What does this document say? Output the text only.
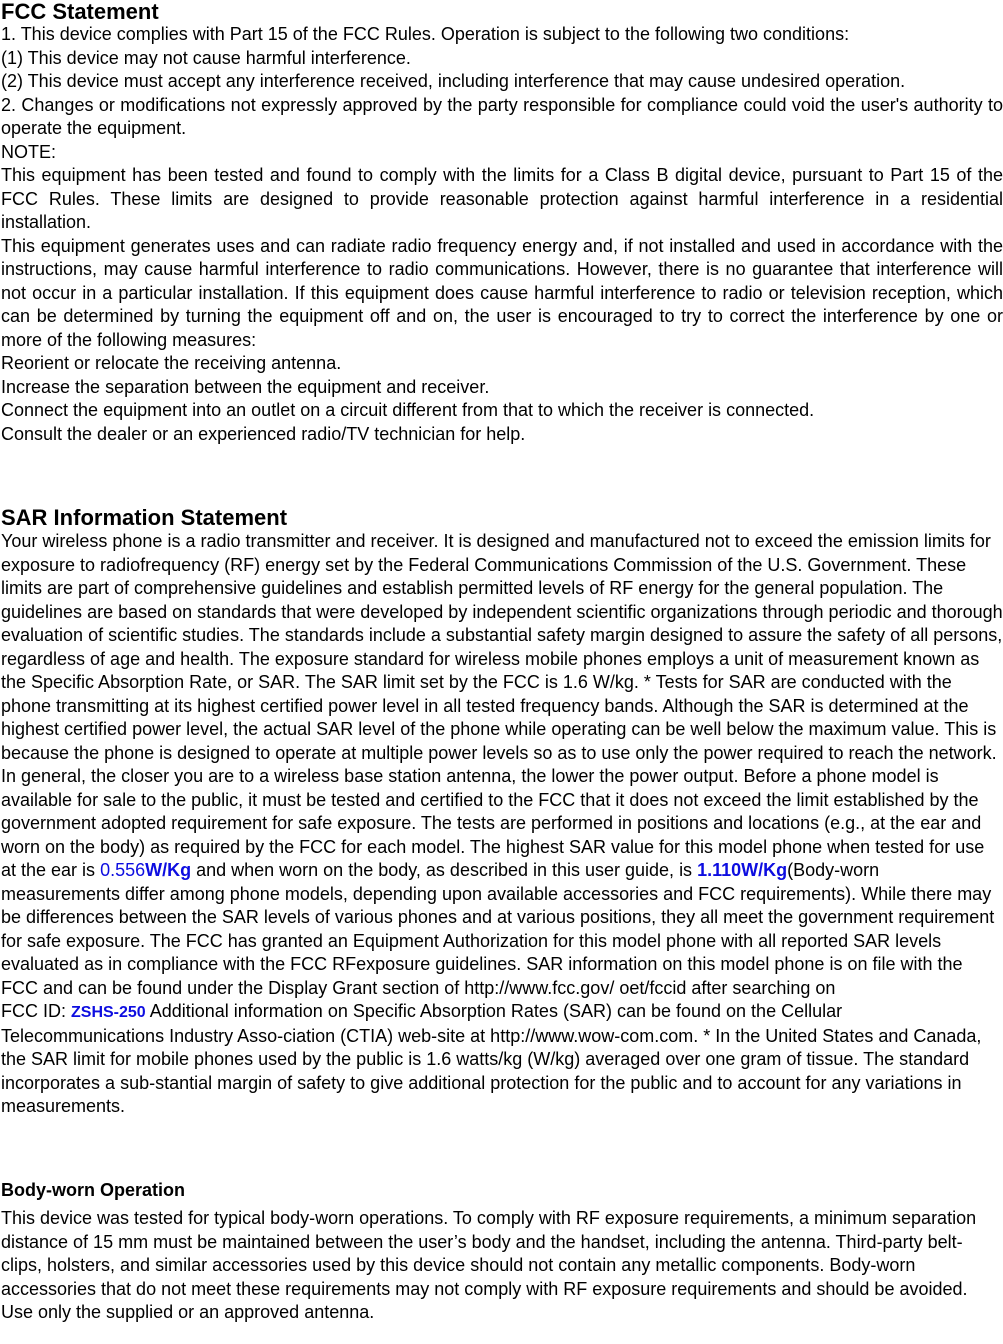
FCC Statement

1. This device complies with Part 15 of the FCC Rules. Operation is subject to the following two conditions:

(1) This device may not cause harmful interference.

(2) This device must accept any interference received, including interference that may cause undesired operation.

2. Changes or modifications not expressly approved by the party responsible for compliance could void the user's authority to operate the equipment.

NOTE:

This equipment has been tested and found to comply with the limits for a Class B digital device, pursuant to Part 15 of the FCC Rules. These limits are designed to provide reasonable protection against harmful interference in a residential installation.

This equipment generates uses and can radiate radio frequency energy and, if not installed and used in accordance with the instructions, may cause harmful interference to radio communications. However, there is no guarantee that interference will not occur in a particular installation. If this equipment does cause harmful interference to radio or television reception, which can be determined by turning the equipment off and on, the user is encouraged to try to correct the interference by one or more of the following measures:

Reorient or relocate the receiving antenna.

Increase the separation between the equipment and receiver.

Connect the equipment into an outlet on a circuit different from that to which the receiver is connected.

Consult the dealer or an experienced radio/TV technician for help.

SAR Information Statement

Your wireless phone is a radio transmitter and receiver. It is designed and manufactured not to exceed the emission limits for exposure to radiofrequency (RF) energy set by the Federal Communications Commission of the U.S. Government. These limits are part of comprehensive guidelines and establish permitted levels of RF energy for the general population. The guidelines are based on standards that were developed by independent scientific organizations through periodic and thorough evaluation of scientific studies. The standards include a substantial safety margin designed to assure the safety of all persons, regardless of age and health. The exposure standard for wireless mobile phones employs a unit of measurement known as the Specific Absorption Rate, or SAR. The SAR limit set by the FCC is 1.6 W/kg. * Tests for SAR are conducted with the phone transmitting at its highest certified power level in all tested frequency bands. Although the SAR is determined at the highest certified power level, the actual SAR level of the phone while operating can be well below the maximum value. This is because the phone is designed to operate at multiple power levels so as to use only the power required to reach the network. In general, the closer you are to a wireless base station antenna, the lower the power output. Before a phone model is available for sale to the public, it must be tested and certified to the FCC that it does not exceed the limit established by the government adopted requirement for safe exposure. The tests are performed in positions and locations (e.g., at the ear and worn on the body) as required by the FCC for each model. The highest SAR value for this model phone when tested for use at the ear is 0.556W/Kg and when worn on the body, as described in this user guide, is 1.110W/Kg(Body-worn measurements differ among phone models, depending upon available accessories and FCC requirements). While there may be differences between the SAR levels of various phones and at various positions, they all meet the government requirement for safe exposure. The FCC has granted an Equipment Authorization for this model phone with all reported SAR levels evaluated as in compliance with the FCC RFexposure guidelines. SAR information on this model phone is on file with the FCC and can be found under the Display Grant section of http://www.fcc.gov/ oet/fccid after searching on
FCC ID: ZSHS-250 Additional information on Specific Absorption Rates (SAR) can be found on the Cellular Telecommunications Industry Asso-ciation (CTIA) web-site at http://www.wow-com.com. * In the United States and Canada, the SAR limit for mobile phones used by the public is 1.6 watts/kg (W/kg) averaged over one gram of tissue. The standard incorporates a sub-stantial margin of safety to give additional protection for the public and to account for any variations in measurements.

Body-worn Operation

This device was tested for typical body-worn operations. To comply with RF exposure requirements, a minimum separation distance of 15 mm must be maintained between the user’s body and the handset, including the antenna. Third-party belt-clips, holsters, and similar accessories used by this device should not contain any metallic components. Body-worn accessories that do not meet these requirements may not comply with RF exposure requirements and should be avoided. Use only the supplied or an approved antenna.
